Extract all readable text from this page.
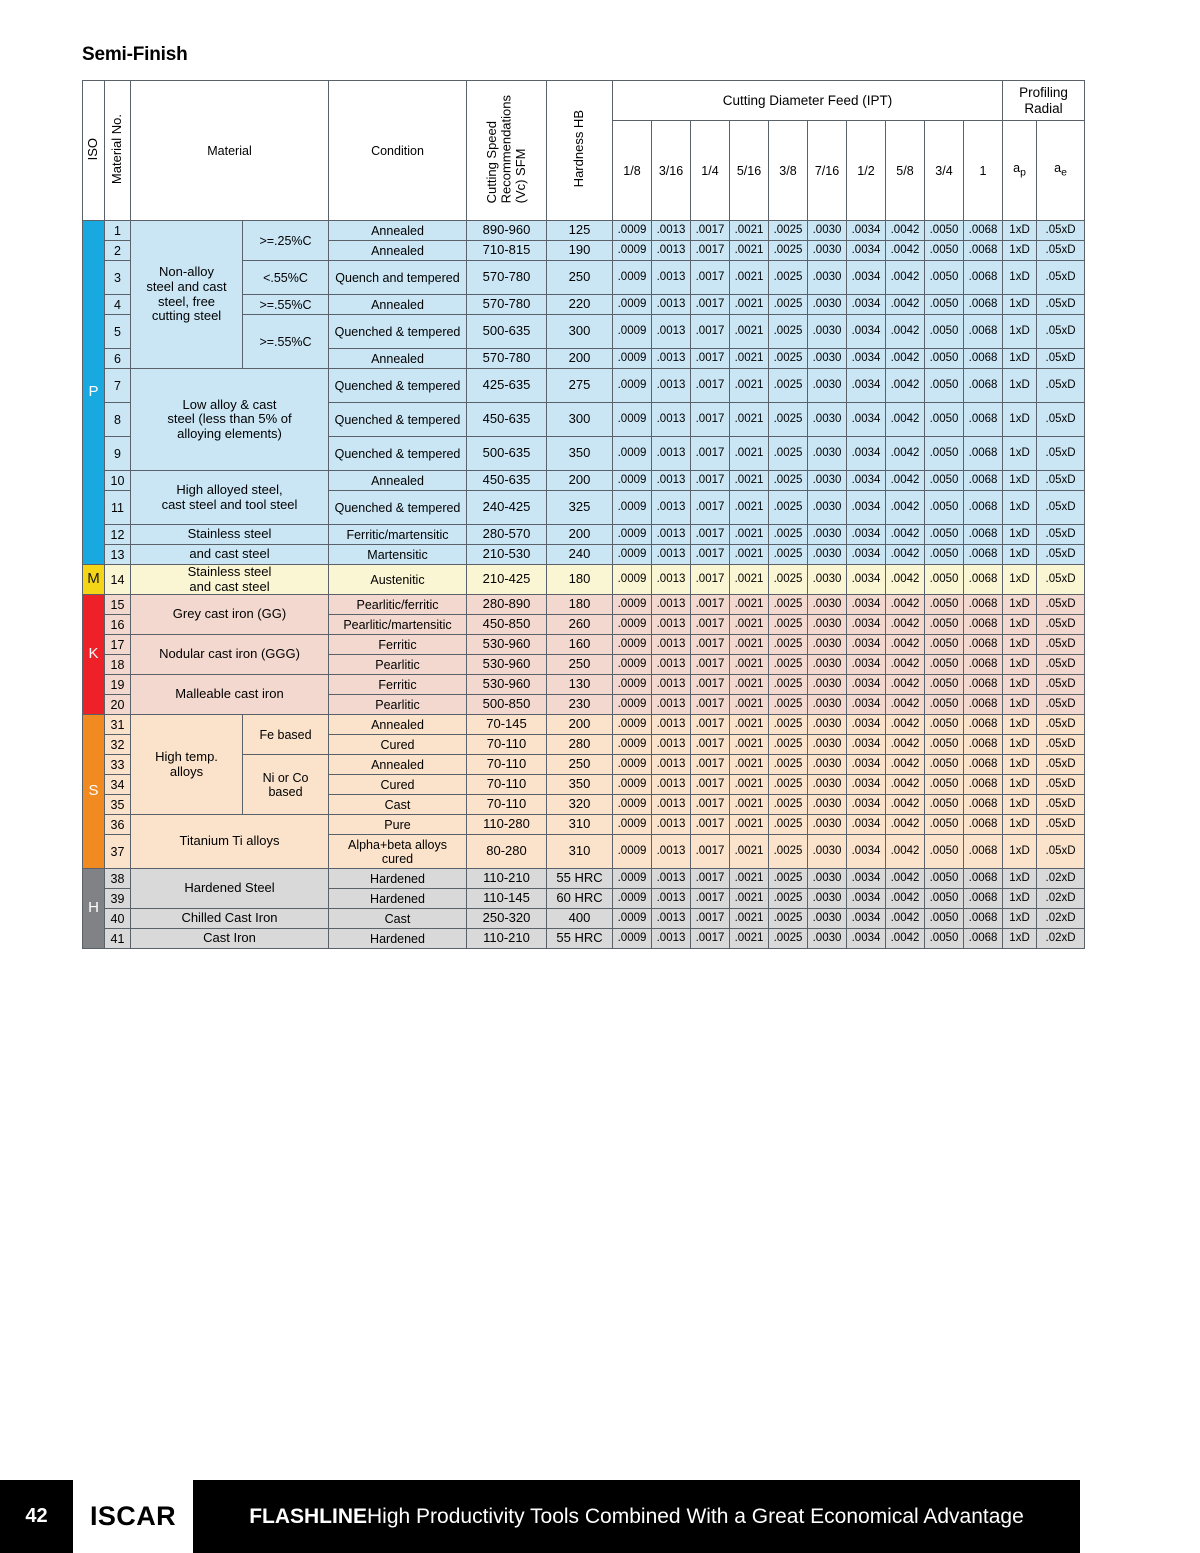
Semi-Finish
ISO	Material No.	Material		Condition	Cutting Speed
Recommendations
(Vc) SFM	Hardness HB	Cutting Diameter Feed (IPT)										Profiling
Radial	
							1/8	3/16	1/4	5/16	3/8	7/16	1/2	5/8	3/4	1	$a_p$	$a_e$
P	1	Non-alloy
steel and cast
steel, free
cutting steel	>=.25%C	Annealed	890-960	125	.0009	.0013	.0017	.0021	.0025	.0030	.0034	.0042	.0050	.0068	1xD	.05xD
	2			Annealed	710-815	190	.0009	.0013	.0017	.0021	.0025	.0030	.0034	.0042	.0050	.0068	1xD	.05xD
	3		<.55%C	Quench and tempered	570-780	250	.0009	.0013	.0017	.0021	.0025	.0030	.0034	.0042	.0050	.0068	1xD	.05xD
	4		>=.55%C	Annealed	570-780	220	.0009	.0013	.0017	.0021	.0025	.0030	.0034	.0042	.0050	.0068	1xD	.05xD
	5		>=.55%C	Quenched & tempered	500-635	300	.0009	.0013	.0017	.0021	.0025	.0030	.0034	.0042	.0050	.0068	1xD	.05xD
	6			Annealed	570-780	200	.0009	.0013	.0017	.0021	.0025	.0030	.0034	.0042	.0050	.0068	1xD	.05xD
	7	Low alloy & cast
steel (less than 5% of
alloying elements)		Quenched & tempered	425-635	275	.0009	.0013	.0017	.0021	.0025	.0030	.0034	.0042	.0050	.0068	1xD	.05xD
	8			Quenched & tempered	450-635	300	.0009	.0013	.0017	.0021	.0025	.0030	.0034	.0042	.0050	.0068	1xD	.05xD
	9			Quenched & tempered	500-635	350	.0009	.0013	.0017	.0021	.0025	.0030	.0034	.0042	.0050	.0068	1xD	.05xD
	10	High alloyed steel,
cast steel and tool steel		Annealed	450-635	200	.0009	.0013	.0017	.0021	.0025	.0030	.0034	.0042	.0050	.0068	1xD	.05xD
	11			Quenched & tempered	240-425	325	.0009	.0013	.0017	.0021	.0025	.0030	.0034	.0042	.0050	.0068	1xD	.05xD
	12	Stainless steel		Ferritic/martensitic	280-570	200	.0009	.0013	.0017	.0021	.0025	.0030	.0034	.0042	.0050	.0068	1xD	.05xD
	13	and cast steel		Martensitic	210-530	240	.0009	.0013	.0017	.0021	.0025	.0030	.0034	.0042	.0050	.0068	1xD	.05xD
M	14	Stainless steel
and cast steel		Austenitic	210-425	180	.0009	.0013	.0017	.0021	.0025	.0030	.0034	.0042	.0050	.0068	1xD	.05xD
K	15	Grey cast iron (GG)		Pearlitic/ferritic	280-890	180	.0009	.0013	.0017	.0021	.0025	.0030	.0034	.0042	.0050	.0068	1xD	.05xD
	16			Pearlitic/martensitic	450-850	260	.0009	.0013	.0017	.0021	.0025	.0030	.0034	.0042	.0050	.0068	1xD	.05xD
	17	Nodular cast iron (GGG)		Ferritic	530-960	160	.0009	.0013	.0017	.0021	.0025	.0030	.0034	.0042	.0050	.0068	1xD	.05xD
	18			Pearlitic	530-960	250	.0009	.0013	.0017	.0021	.0025	.0030	.0034	.0042	.0050	.0068	1xD	.05xD
	19	Malleable cast iron		Ferritic	530-960	130	.0009	.0013	.0017	.0021	.0025	.0030	.0034	.0042	.0050	.0068	1xD	.05xD
	20			Pearlitic	500-850	230	.0009	.0013	.0017	.0021	.0025	.0030	.0034	.0042	.0050	.0068	1xD	.05xD
S	31	High temp.
alloys	Fe based	Annealed	70-145	200	.0009	.0013	.0017	.0021	.0025	.0030	.0034	.0042	.0050	.0068	1xD	.05xD
	32			Cured	70-110	280	.0009	.0013	.0017	.0021	.0025	.0030	.0034	.0042	.0050	.0068	1xD	.05xD
	33		Ni or Co based	Annealed	70-110	250	.0009	.0013	.0017	.0021	.0025	.0030	.0034	.0042	.0050	.0068	1xD	.05xD
	34			Cured	70-110	350	.0009	.0013	.0017	.0021	.0025	.0030	.0034	.0042	.0050	.0068	1xD	.05xD
	35			Cast	70-110	320	.0009	.0013	.0017	.0021	.0025	.0030	.0034	.0042	.0050	.0068	1xD	.05xD
	36	Titanium Ti alloys		Pure	110-280	310	.0009	.0013	.0017	.0021	.0025	.0030	.0034	.0042	.0050	.0068	1xD	.05xD
	37			Alpha+beta alloys cured	80-280	310	.0009	.0013	.0017	.0021	.0025	.0030	.0034	.0042	.0050	.0068	1xD	.05xD
H	38	Hardened Steel		Hardened	110-210	55 HRC	.0009	.0013	.0017	.0021	.0025	.0030	.0034	.0042	.0050	.0068	1xD	.02xD
	39			Hardened	110-145	60 HRC	.0009	.0013	.0017	.0021	.0025	.0030	.0034	.0042	.0050	.0068	1xD	.02xD
	40	Chilled Cast Iron		Cast	250-320	400	.0009	.0013	.0017	.0021	.0025	.0030	.0034	.0042	.0050	.0068	1xD	.02xD
	41	Cast Iron		Hardened	110-210	55 HRC	.0009	.0013	.0017	.0021	.0025	.0030	.0034	.0042	.0050	.0068	1xD	.02xD
42	ISCAR	FLASHLINE High Productivity Tools Combined With a Great Economical Advantage
